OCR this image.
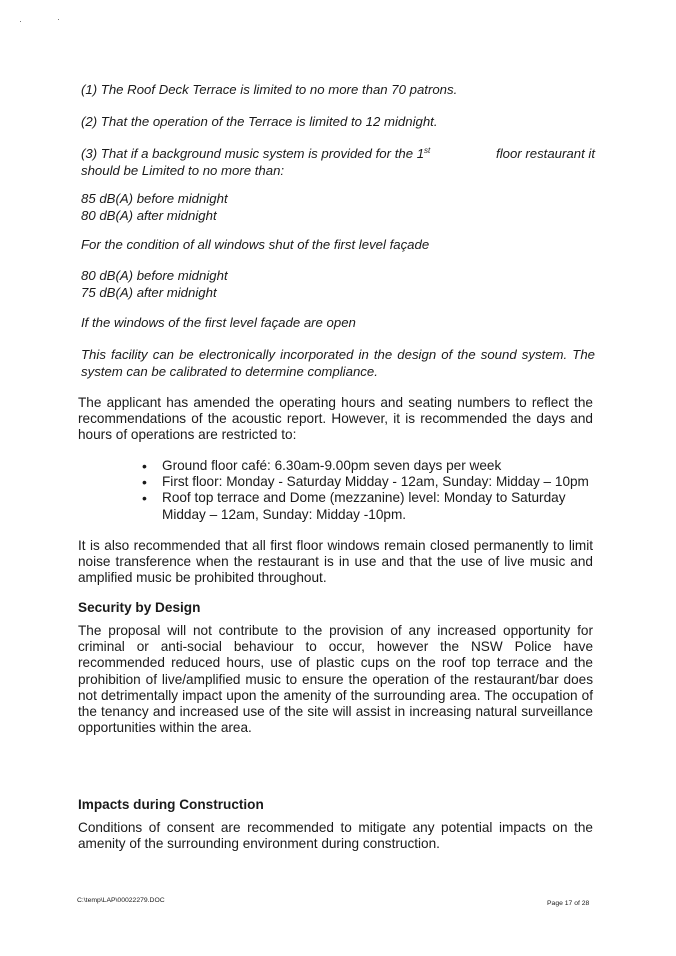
(1) The Roof Deck Terrace is limited to no more than 70 patrons.
(2) That the operation of the Terrace is limited to 12 midnight.
(3) That if a background music system is provided for the 1st	floor restaurant it
should be Limited to no more than:
85 dB(A) before midnight
80 dB(A) after midnight
For the condition of all windows shut of the first level façade
80 dB(A) before midnight
75 dB(A) after midnight
If the windows of the first level façade are open
This facility can be electronically incorporated in the design of the sound system. The system can be calibrated to determine compliance.
The applicant has amended the operating hours and seating numbers to reflect the recommendations of the acoustic report. However, it is recommended the days and hours of operations are restricted to:
• Ground floor café: 6.30am-9.00pm seven days per week
• First floor: Monday - Saturday Midday - 12am, Sunday: Midday – 10pm
• Roof top terrace and Dome (mezzanine) level: Monday to Saturday Midday – 12am, Sunday: Midday -10pm.
It is also recommended that all first floor windows remain closed permanently to limit noise transference when the restaurant is in use and that the use of live music and amplified music be prohibited throughout.
Security by Design
The proposal will not contribute to the provision of any increased opportunity for criminal or anti-social behaviour to occur, however the NSW Police have recommended reduced hours, use of plastic cups on the roof top terrace and the prohibition of live/amplified music to ensure the operation of the restaurant/bar does not detrimentally impact upon the amenity of the surrounding area. The occupation of the tenancy and increased use of the site will assist in increasing natural surveillance opportunities within the area.
Impacts during Construction
Conditions of consent are recommended to mitigate any potential impacts on the amenity of the surrounding environment during construction.
C:\temp\LAP\00022279.DOC	Page 17 of 28
